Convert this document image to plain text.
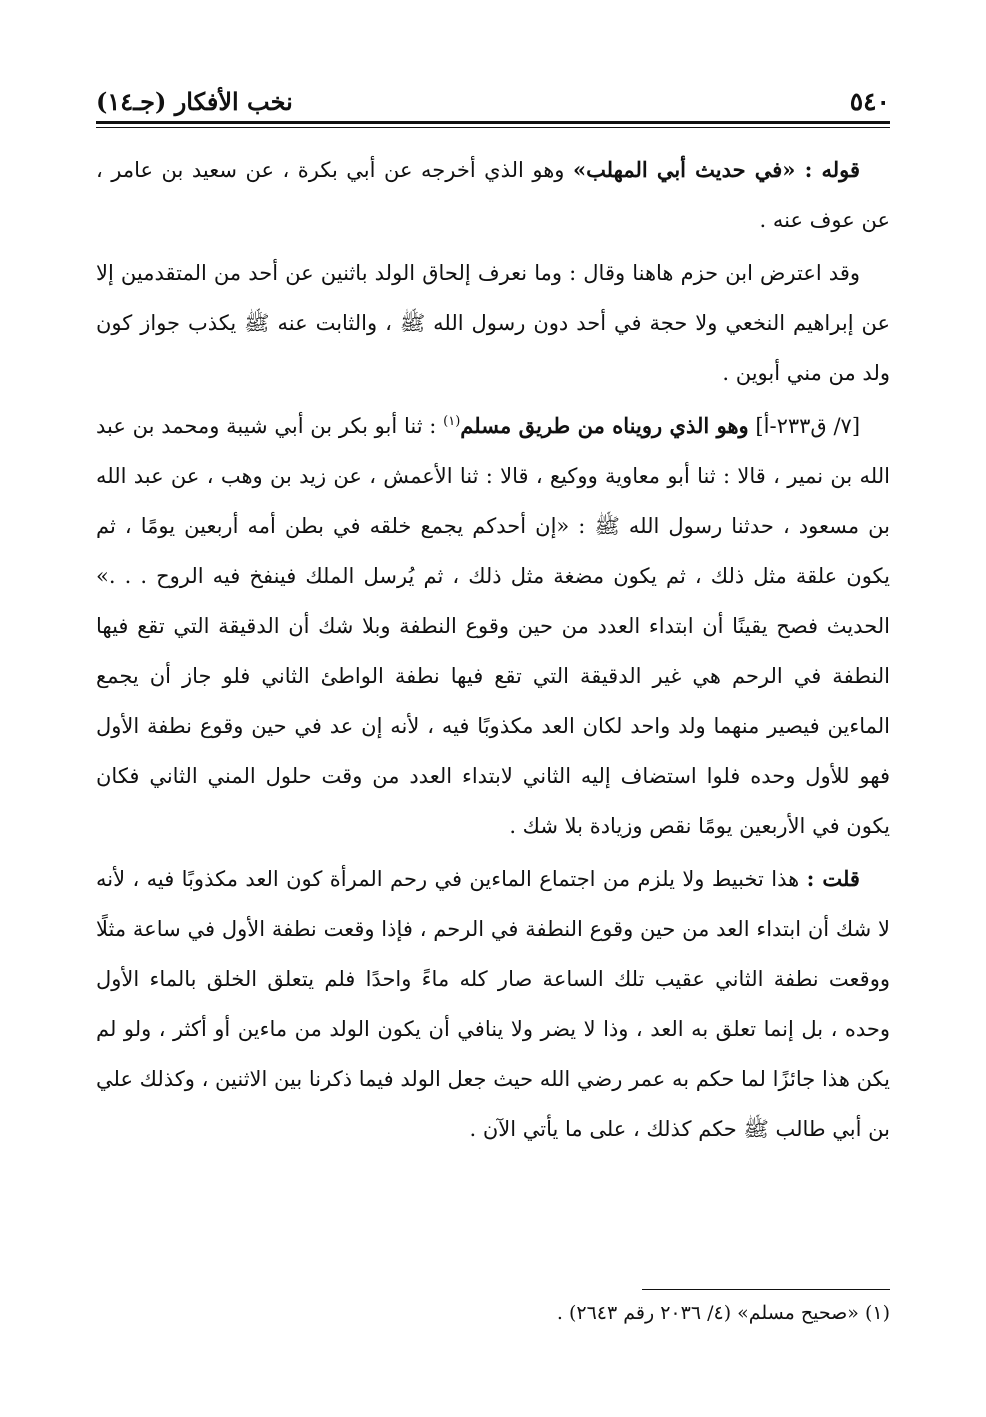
٥٤٠
نخب الأفكار (جـ١٤)

قوله : «في حديث أبي المهلب» وهو الذي أخرجه عن أبي بكرة ، عن سعيد بن عامر ، عن عوف عنه .

وقد اعترض ابن حزم هاهنا وقال : وما نعرف إلحاق الولد باثنين عن أحد من المتقدمين إلا عن إبراهيم النخعي ولا حجة في أحد دون رسول الله ﷺ ، والثابت عنه ﷺ يكذب جواز كون ولد من مني أبوين .

[٧/ ق٢٣٣-أ] وهو الذي رويناه من طريق مسلم$^{(١)}$ : ثنا أبو بكر بن أبي شيبة ومحمد بن عبد الله بن نمير ، قالا : ثنا أبو معاوية ووكيع ، قالا : ثنا الأعمش ، عن زيد بن وهب ، عن عبد الله بن مسعود ، حدثنا رسول الله ﷺ : «إن أحدكم يجمع خلقه في بطن أمه أربعين يومًا ، ثم يكون علقة مثل ذلك ، ثم يكون مضغة مثل ذلك ، ثم يُرسل الملك فينفخ فيه الروح . . .» الحديث فصح يقينًا أن ابتداء العدد من حين وقوع النطفة وبلا شك أن الدقيقة التي تقع فيها النطفة في الرحم هي غير الدقيقة التي تقع فيها نطفة الواطئ الثاني فلو جاز أن يجمع الماءين فيصير منهما ولد واحد لكان العد مكذوبًا فيه ، لأنه إن عد في حين وقوع نطفة الأول فهو للأول وحده فلوا استضاف إليه الثاني لابتداء العدد من وقت حلول المني الثاني فكان يكون في الأربعين يومًا نقص وزيادة بلا شك .

قلت : هذا تخبيط ولا يلزم من اجتماع الماءين في رحم المرأة كون العد مكذوبًا فيه ، لأنه لا شك أن ابتداء العد من حين وقوع النطفة في الرحم ، فإذا وقعت نطفة الأول في ساعة مثلًا ووقعت نطفة الثاني عقيب تلك الساعة صار كله ماءً واحدًا فلم يتعلق الخلق بالماء الأول وحده ، بل إنما تعلق به العد ، وذا لا يضر ولا ينافي أن يكون الولد من ماءين أو أكثر ، ولو لم يكن هذا جائزًا لما حكم به عمر رضي الله حيث جعل الولد فيما ذكرنا بين الاثنين ، وكذلك علي بن أبي طالب ﷺ حكم كذلك ، على ما يأتي الآن .

(١) «صحيح مسلم» (٤/ ٢٠٣٦ رقم ٢٦٤٣) .
